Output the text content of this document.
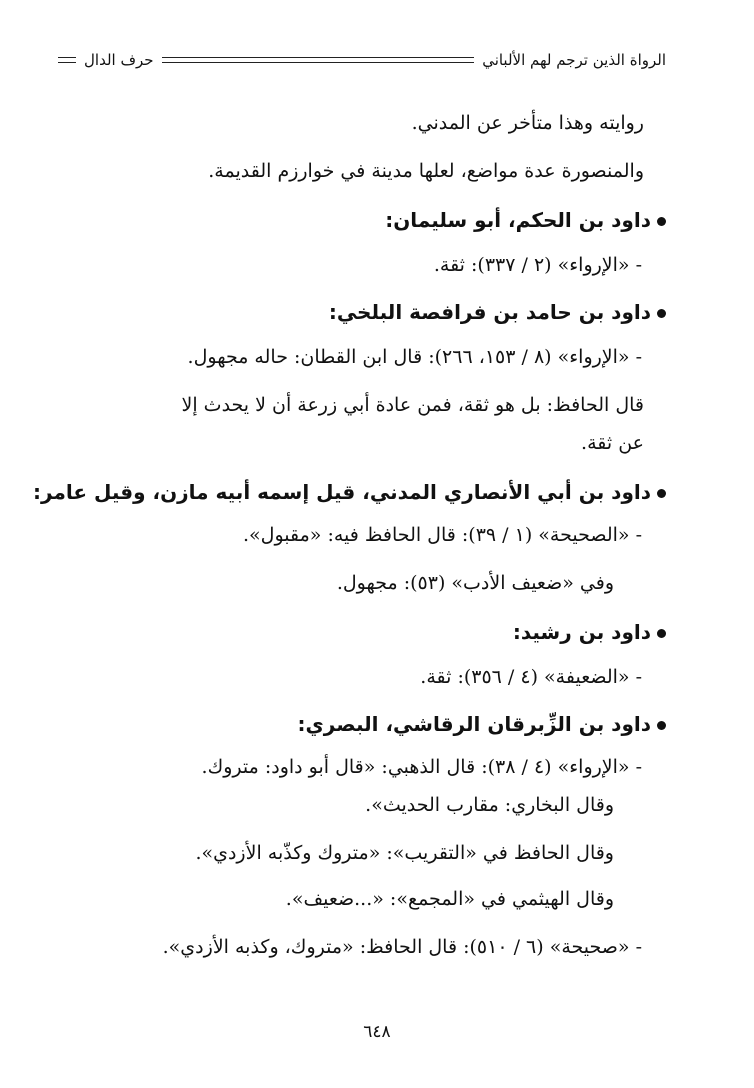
الرواة الذين ترجم لهم الألباني
حرف الدال
روايته وهذا متأخر عن المدني.
والمنصورة عدة مواضع، لعلها مدينة في خوارزم القديمة.
داود بن الحكم، أبو سليمان:
- «الإرواء» (٢ / ٣٣٧): ثقة.
داود بن حامد بن فرافصة البلخي:
- «الإرواء» (٨ / ١٥٣، ٢٦٦): قال ابن القطان: حاله مجهول.
قال الحافظ: بل هو ثقة، فمن عادة أبي زرعة أن لا يحدث إلا
عن ثقة.
داود بن أبي الأنصاري المدني، قيل إسمه أبيه مازن، وقيل عامر:
- «الصحيحة» (١ / ٣٩): قال الحافظ فيه: «مقبول».
وفي «ضعيف الأدب» (٥٣): مجهول.
داود بن رشيد:
- «الضعيفة» (٤ / ٣٥٦): ثقة.
داود بن الزِّبرقان الرقاشي، البصري:
- «الإرواء» (٤ / ٣٨): قال الذهبي: «قال أبو داود: متروك.
وقال البخاري: مقارب الحديث».
وقال الحافظ في «التقريب»: «متروك وكذّبه الأزدي».
وقال الهيثمي في «المجمع»: «...ضعيف».
- «صحيحة» (٦ / ٥١٠): قال الحافظ: «متروك، وكذبه الأزدي».
٦٤٨
